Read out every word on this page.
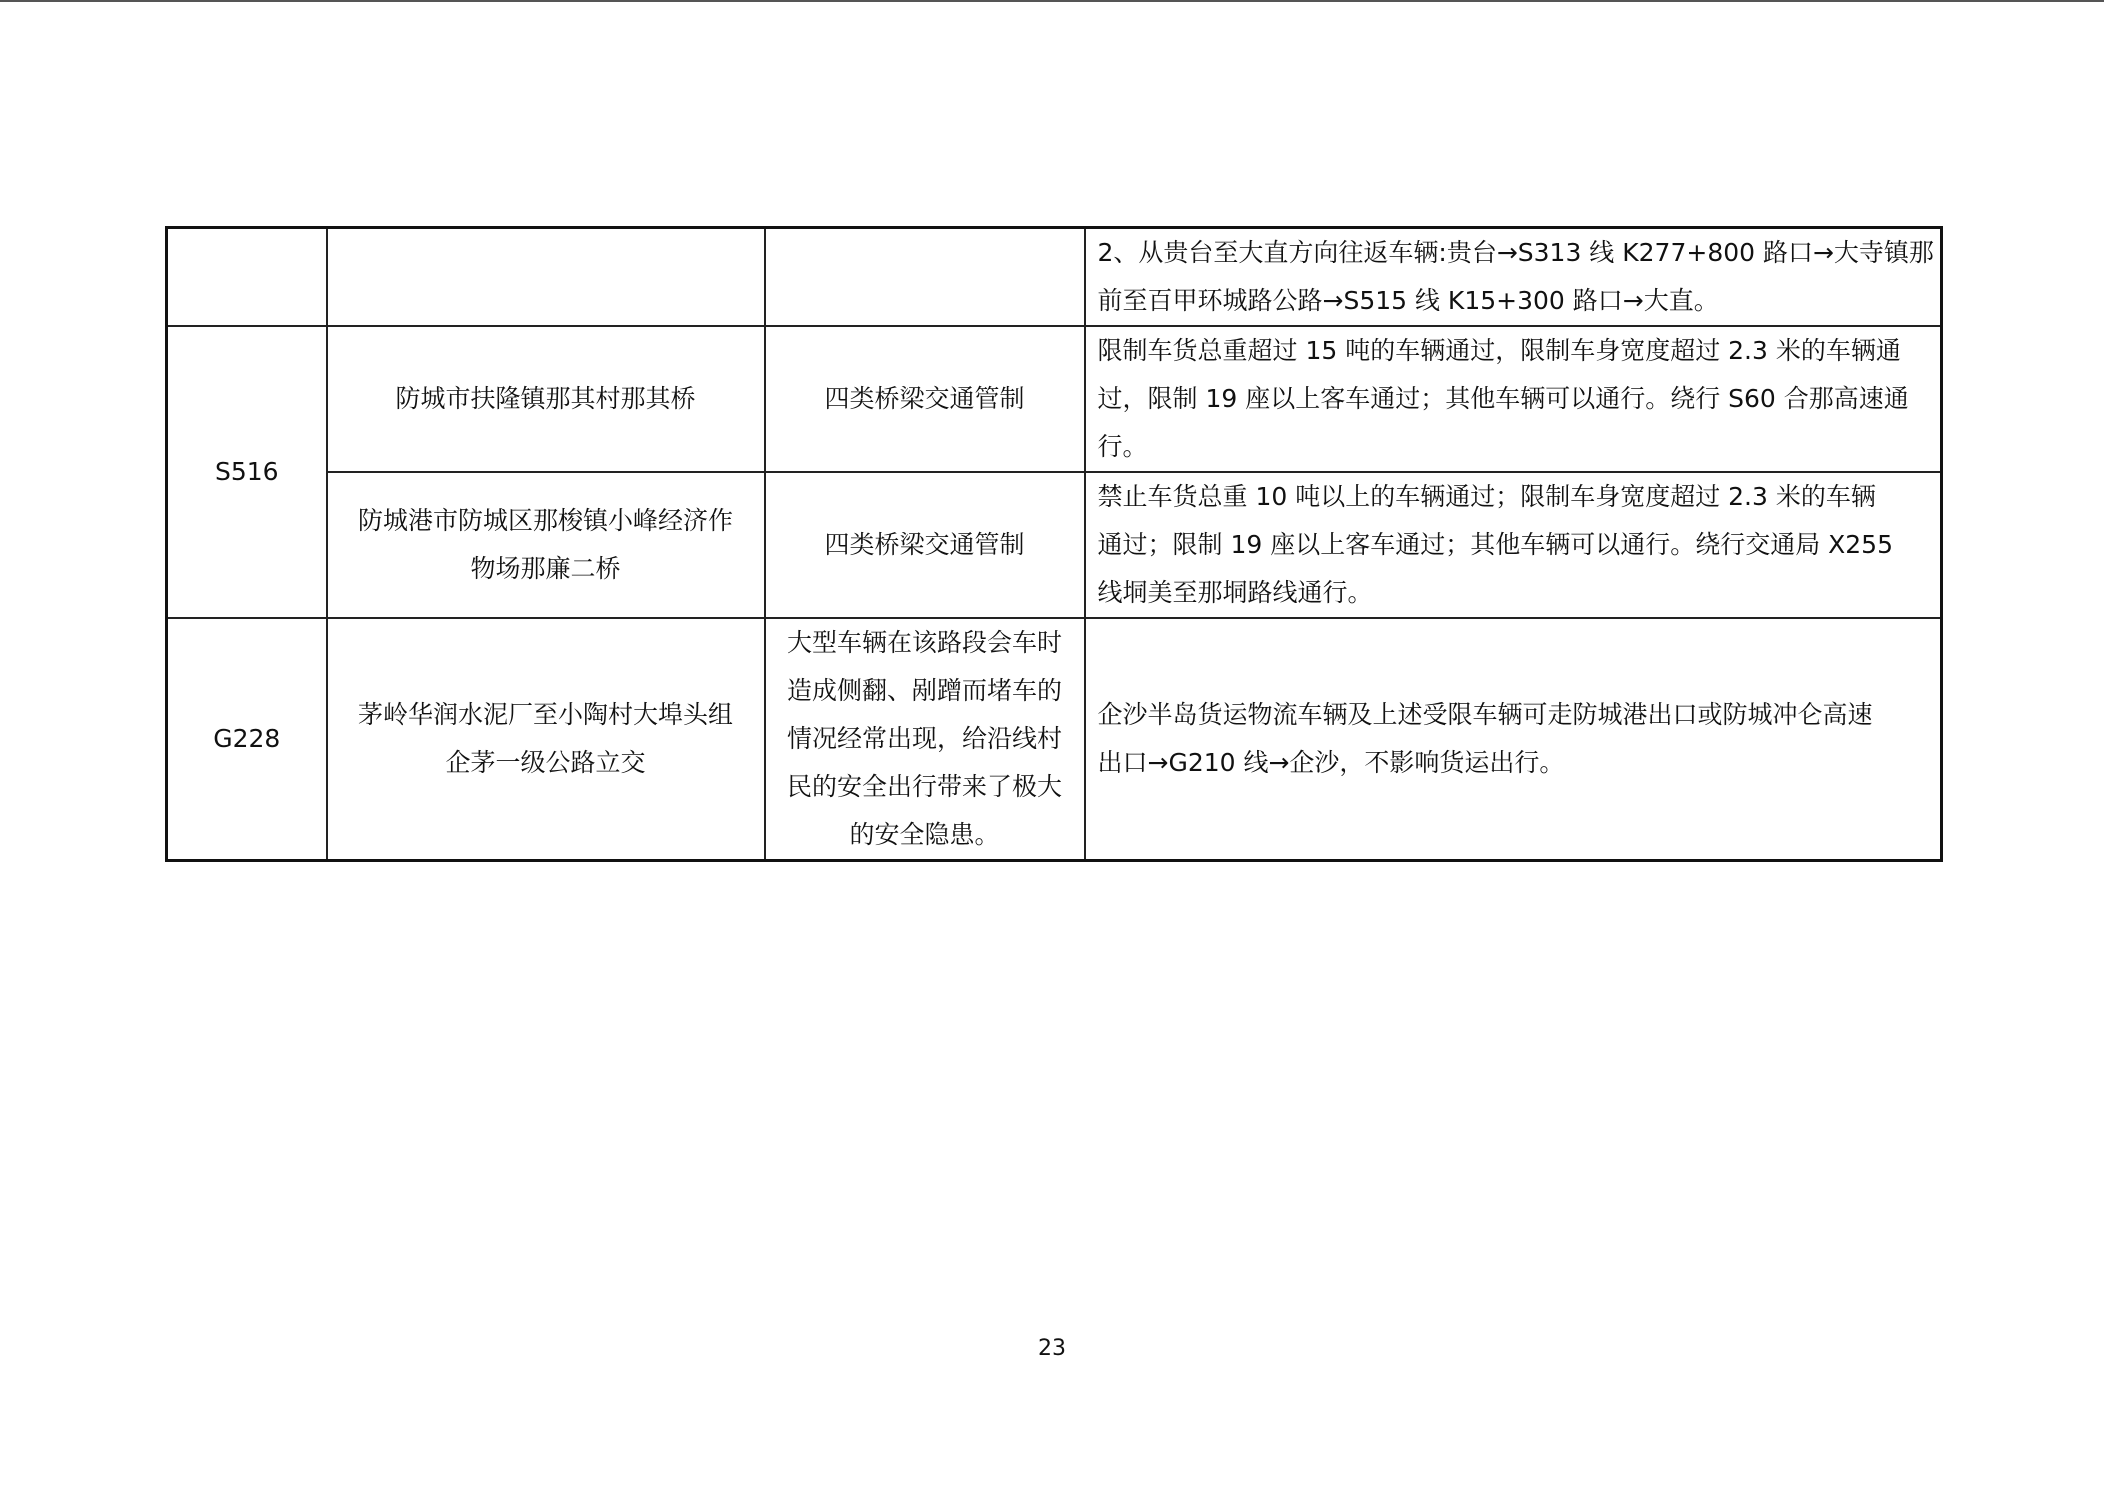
			2、从贵台至大直方向往返车辆:贵台→S313 线 K277+800 路口→大寺镇那
前至百甲环城路公路→S515 线 K15+300 路口→大直。

S516	防城市扶隆镇那其村那其桥	四类桥梁交通管制	限制车货总重超过 15 吨的车辆通过，限制车身宽度超过 2.3 米的车辆通
过，限制 19 座以上客车通过；其他车辆可以通行。绕行 S60 合那高速通
行。

	防城港市防城区那梭镇小峰经济作
物场那廉二桥	四类桥梁交通管制	禁止车货总重 10 吨以上的车辆通过；限制车身宽度超过 2.3 米的车辆
通过；限制 19 座以上客车通过；其他车辆可以通行。绕行交通局 X255
线垌美至那垌路线通行。

G228	茅岭华润水泥厂至小陶村大埠头组
企茅一级公路立交	大型车辆在该路段会车时
造成侧翻、剐蹭而堵车的
情况经常出现，给沿线村
民的安全出行带来了极大
的安全隐患。	企沙半岛货运物流车辆及上述受限车辆可走防城港出口或防城冲仑高速
出口→G210 线→企沙，不影响货运出行。
23
